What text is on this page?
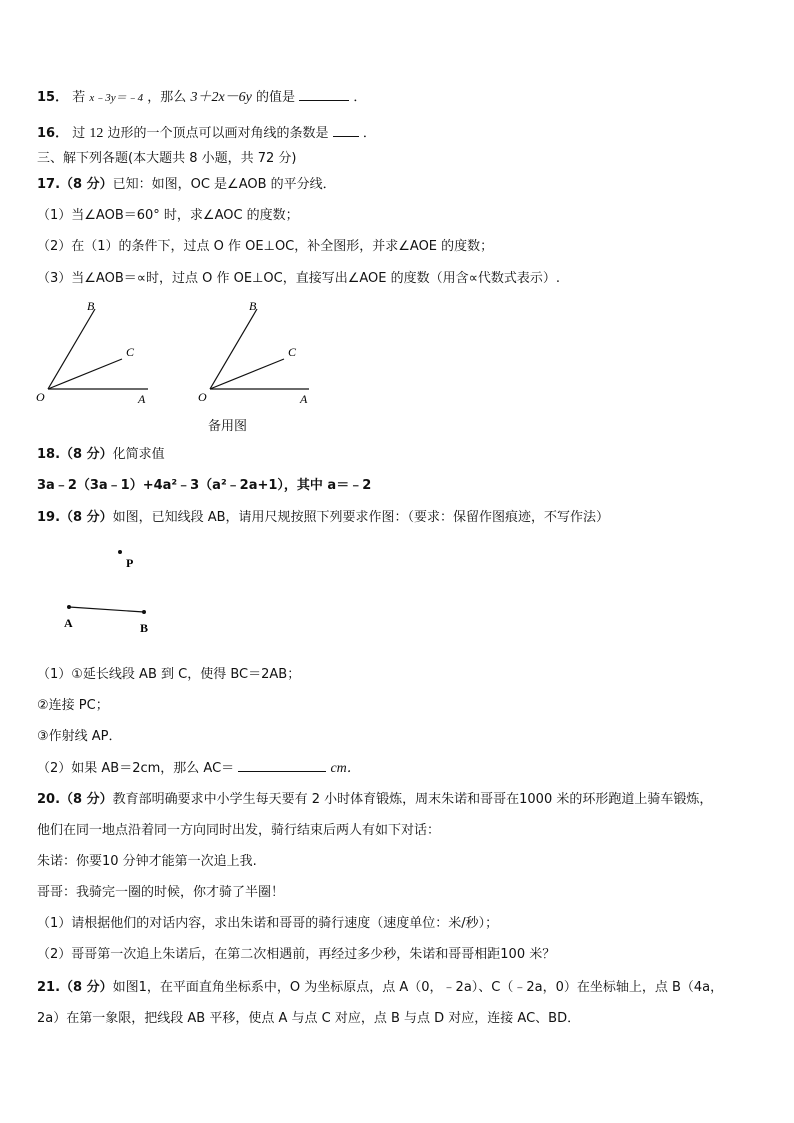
15． 若 x﹣3y＝﹣4 ，那么 3＋2x－6y 的值是	．
16． 过 12 边形的一个顶点可以画对角线的条数是	．
三、解下列各题(本大题共 8 小题，共 72 分)
17.（8 分）已知：如图，OC 是∠AOB 的平分线．
（1）当∠AOB＝60° 时，求∠AOC 的度数；
（2）在（1）的条件下，过点 O 作 OE⊥OC，补全图形，并求∠AOE 的度数；
（3）当∠AOB＝∝时，过点 O 作 OE⊥OC，直接写出∠AOE 的度数（用含∝代数式表示）.
B
C
O	A
B
C
O	A
备用图
18.（8 分）化简求值
3a﹣2（3a﹣1）+4a²﹣3（a²﹣2a+1），其中 a＝﹣2
19.（8 分）如图，已知线段 AB，请用尺规按照下列要求作图：（要求：保留作图痕迹，不写作法）
P
A	B
（1）①延长线段 AB 到 C，使得 BC＝2AB；
②连接 PC；
③作射线 AP．
（2）如果 AB＝2cm，那么 AC＝	cm．
20.（8 分）教育部明确要求中小学生每天要有 2 小时体育锻炼，周末朱诺和哥哥在1000 米的环形跑道上骑车锻炼，
他们在同一地点沿着同一方向同时出发，骑行结束后两人有如下对话：
朱诺：你要10 分钟才能第一次追上我.
哥哥：我骑完一圈的时候，你才骑了半圈！
（1）请根据他们的对话内容，求出朱诺和哥哥的骑行速度（速度单位：米/秒）；
（2）哥哥第一次追上朱诺后，在第二次相遇前，再经过多少秒，朱诺和哥哥相距100 米？
21.（8 分）如图1，在平面直角坐标系中，O 为坐标原点，点 A（0，﹣2a）、C（﹣2a，0）在坐标轴上，点 B（4a，
2a）在第一象限，把线段 AB 平移，使点 A 与点 C 对应，点 B 与点 D 对应，连接 AC、BD．
